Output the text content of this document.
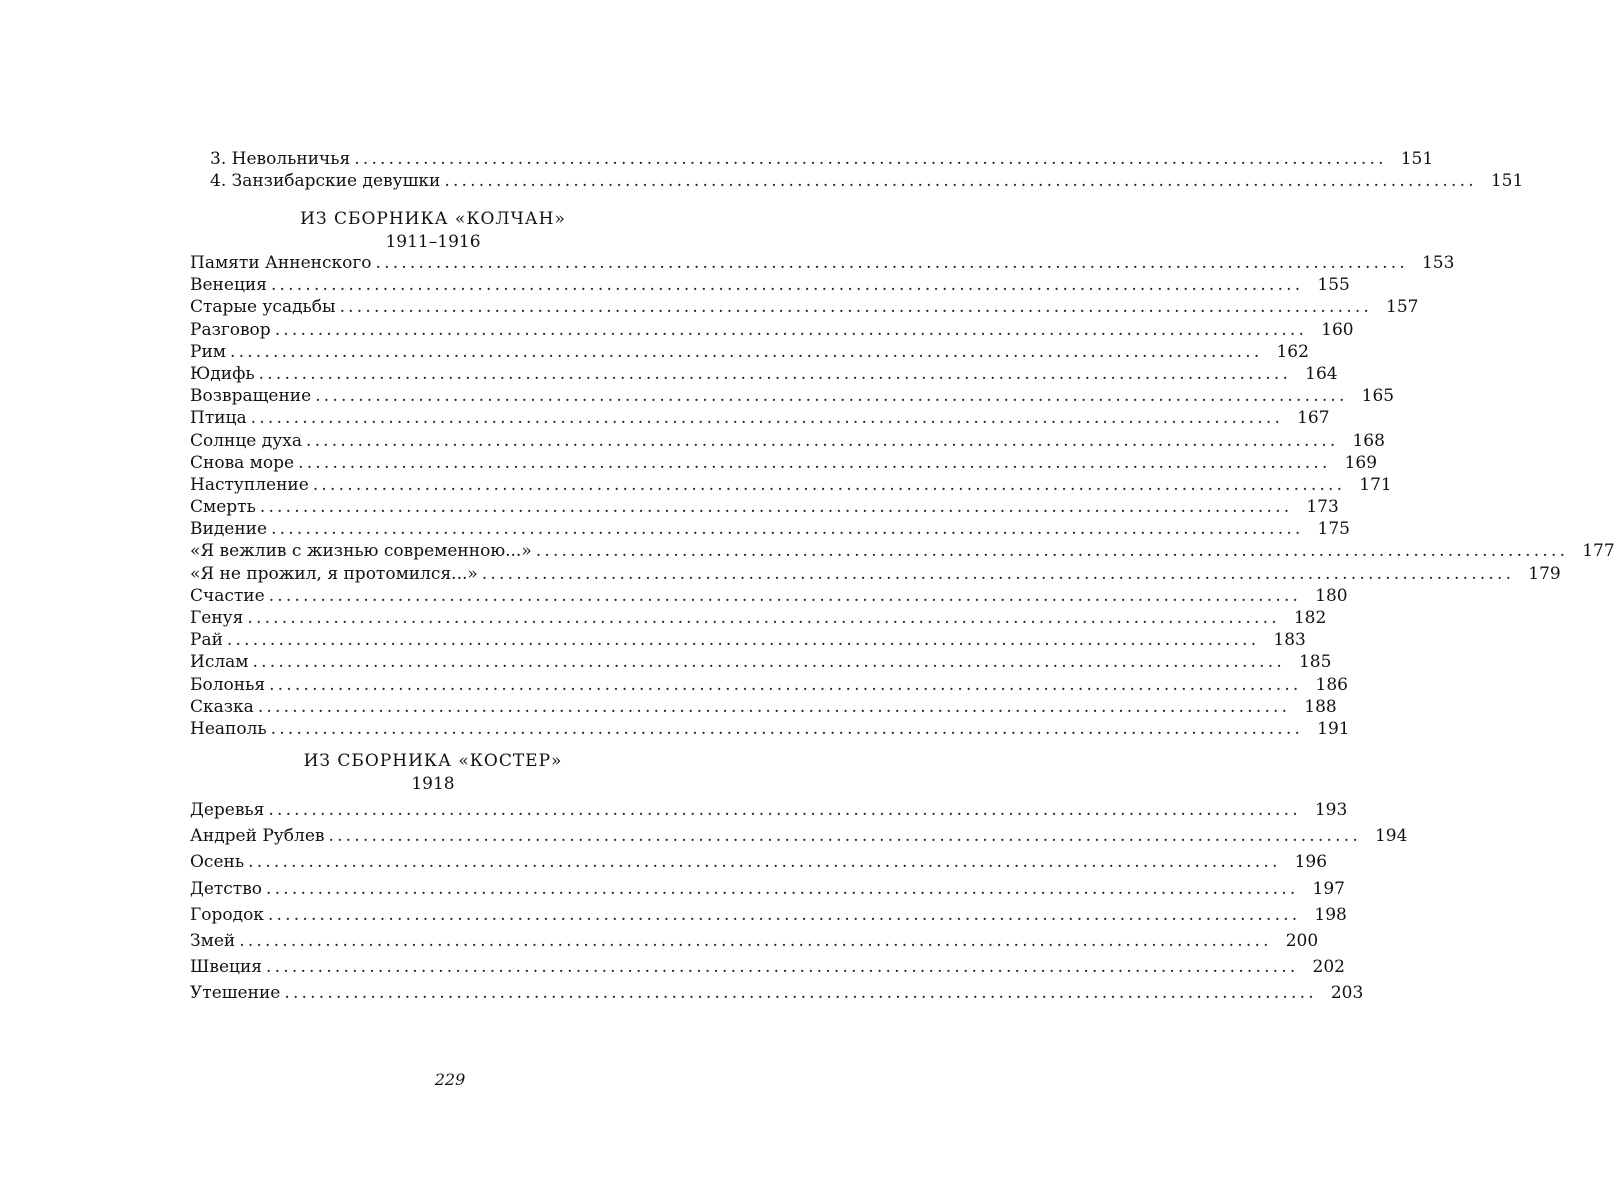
3. Невольничья ........................................................................................................................ 151
4. Занзибарские девушки ........................................................................................................................ 151
ИЗ СБОРНИКА «КОЛЧАН»
1911–1916
Памяти Анненского ........................................................................................................................ 153
Венеция ........................................................................................................................ 155
Старые усадьбы ........................................................................................................................ 157
Разговор ........................................................................................................................ 160
Рим ........................................................................................................................ 162
Юдифь ........................................................................................................................ 164
Возвращение ........................................................................................................................ 165
Птица ........................................................................................................................ 167
Солнце духа ........................................................................................................................ 168
Снова море ........................................................................................................................ 169
Наступление ........................................................................................................................ 171
Смерть ........................................................................................................................ 173
Видение ........................................................................................................................ 175
«Я вежлив с жизнью современною...» ........................................................................................................................ 177
«Я не прожил, я протомился...» ........................................................................................................................ 179
Счастие ........................................................................................................................ 180
Генуя ........................................................................................................................ 182
Рай ........................................................................................................................ 183
Ислам ........................................................................................................................ 185
Болонья ........................................................................................................................ 186
Сказка ........................................................................................................................ 188
Неаполь ........................................................................................................................ 191
ИЗ СБОРНИКА «КОСТЕР»
1918
Деревья ........................................................................................................................ 193
Андрей Рублев ........................................................................................................................ 194
Осень ........................................................................................................................ 196
Детство ........................................................................................................................ 197
Городок ........................................................................................................................ 198
Змей ........................................................................................................................ 200
Швеция ........................................................................................................................ 202
Утешение ........................................................................................................................ 203
229
